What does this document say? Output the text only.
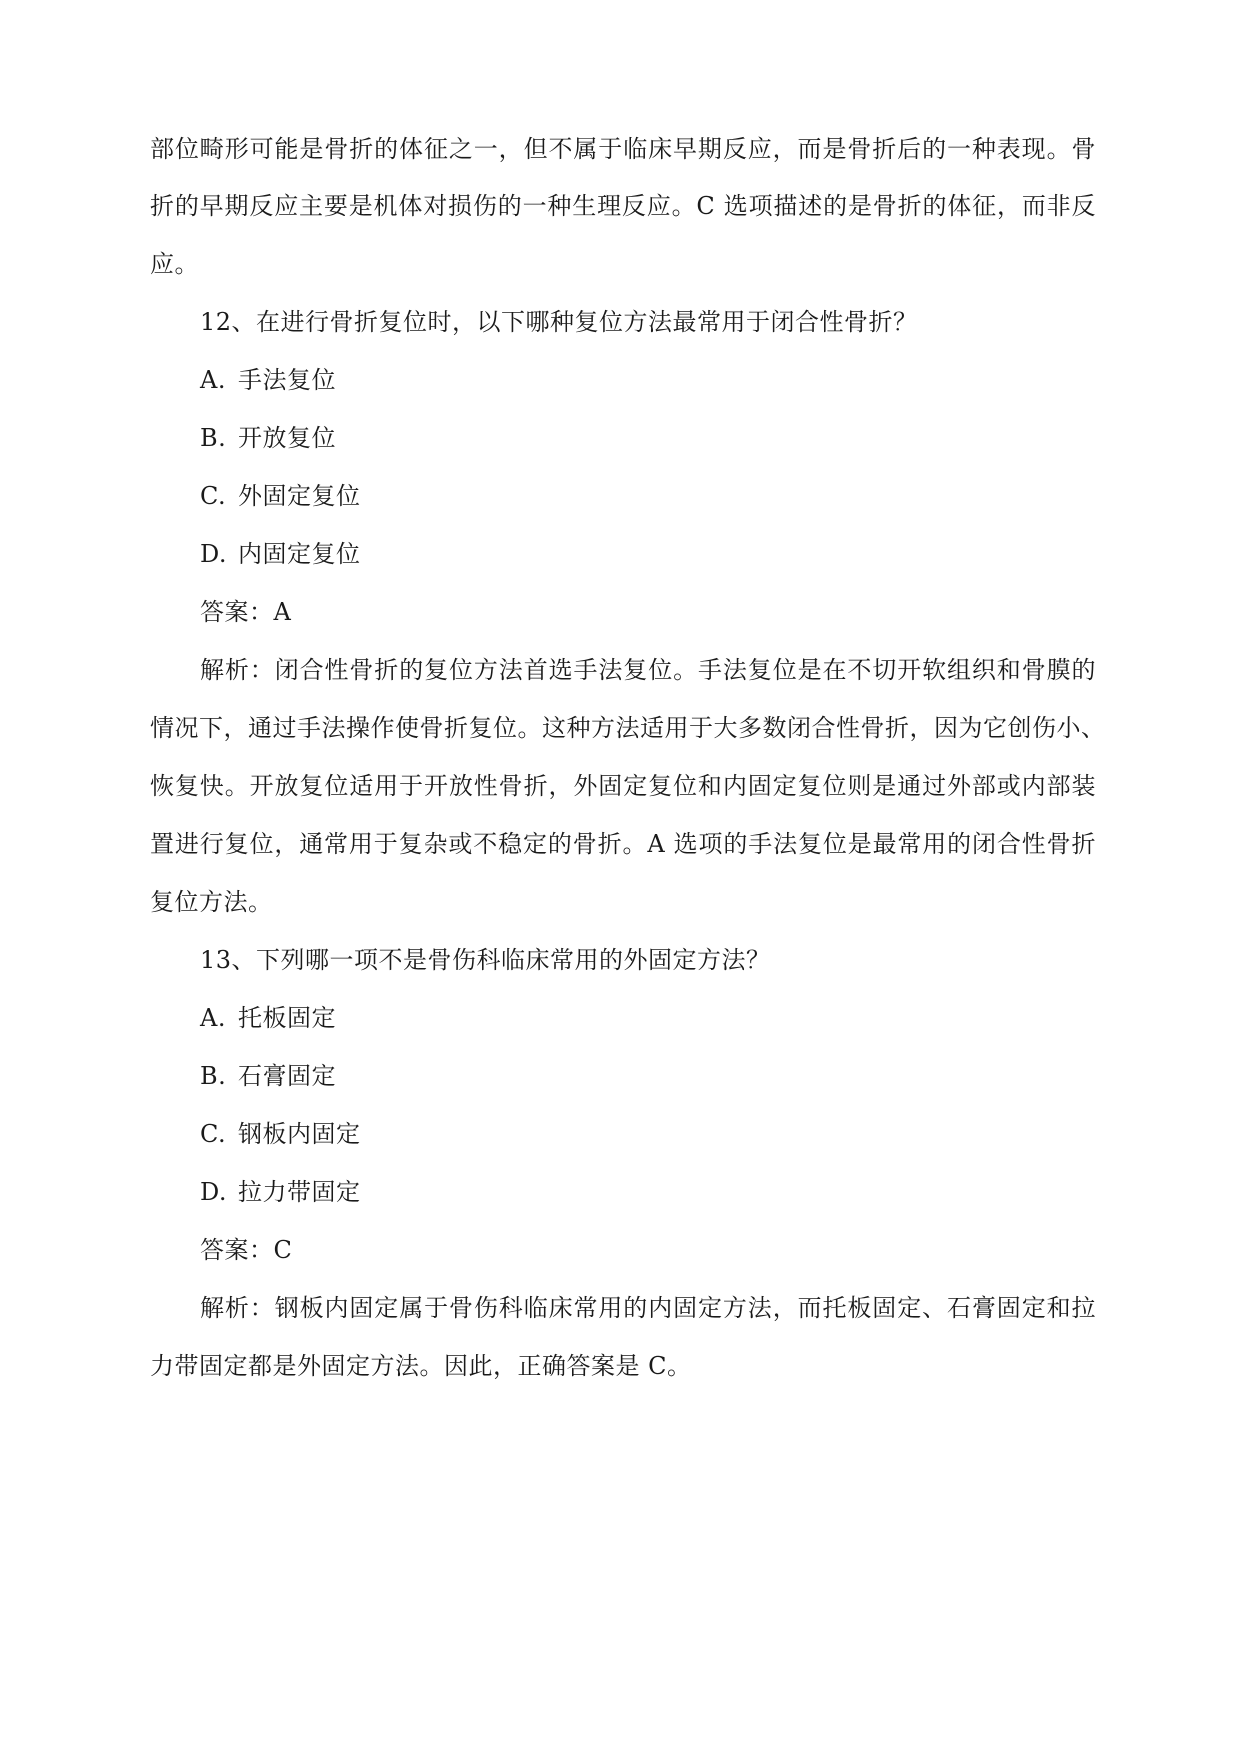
部位畸形可能是骨折的体征之一，但不属于临床早期反应，而是骨折后的一种表现。骨
折的早期反应主要是机体对损伤的一种生理反应。C 选项描述的是骨折的体征，而非反
应。
12、在进行骨折复位时，以下哪种复位方法最常用于闭合性骨折？
A. 手法复位
B. 开放复位
C. 外固定复位
D. 内固定复位
答案：A
解析：闭合性骨折的复位方法首选手法复位。手法复位是在不切开软组织和骨膜的
情况下，通过手法操作使骨折复位。这种方法适用于大多数闭合性骨折，因为它创伤小、
恢复快。开放复位适用于开放性骨折，外固定复位和内固定复位则是通过外部或内部装
置进行复位，通常用于复杂或不稳定的骨折。A 选项的手法复位是最常用的闭合性骨折
复位方法。
13、下列哪一项不是骨伤科临床常用的外固定方法？
A. 托板固定
B. 石膏固定
C. 钢板内固定
D. 拉力带固定
答案：C
解析：钢板内固定属于骨伤科临床常用的内固定方法，而托板固定、石膏固定和拉
力带固定都是外固定方法。因此，正确答案是 C。
